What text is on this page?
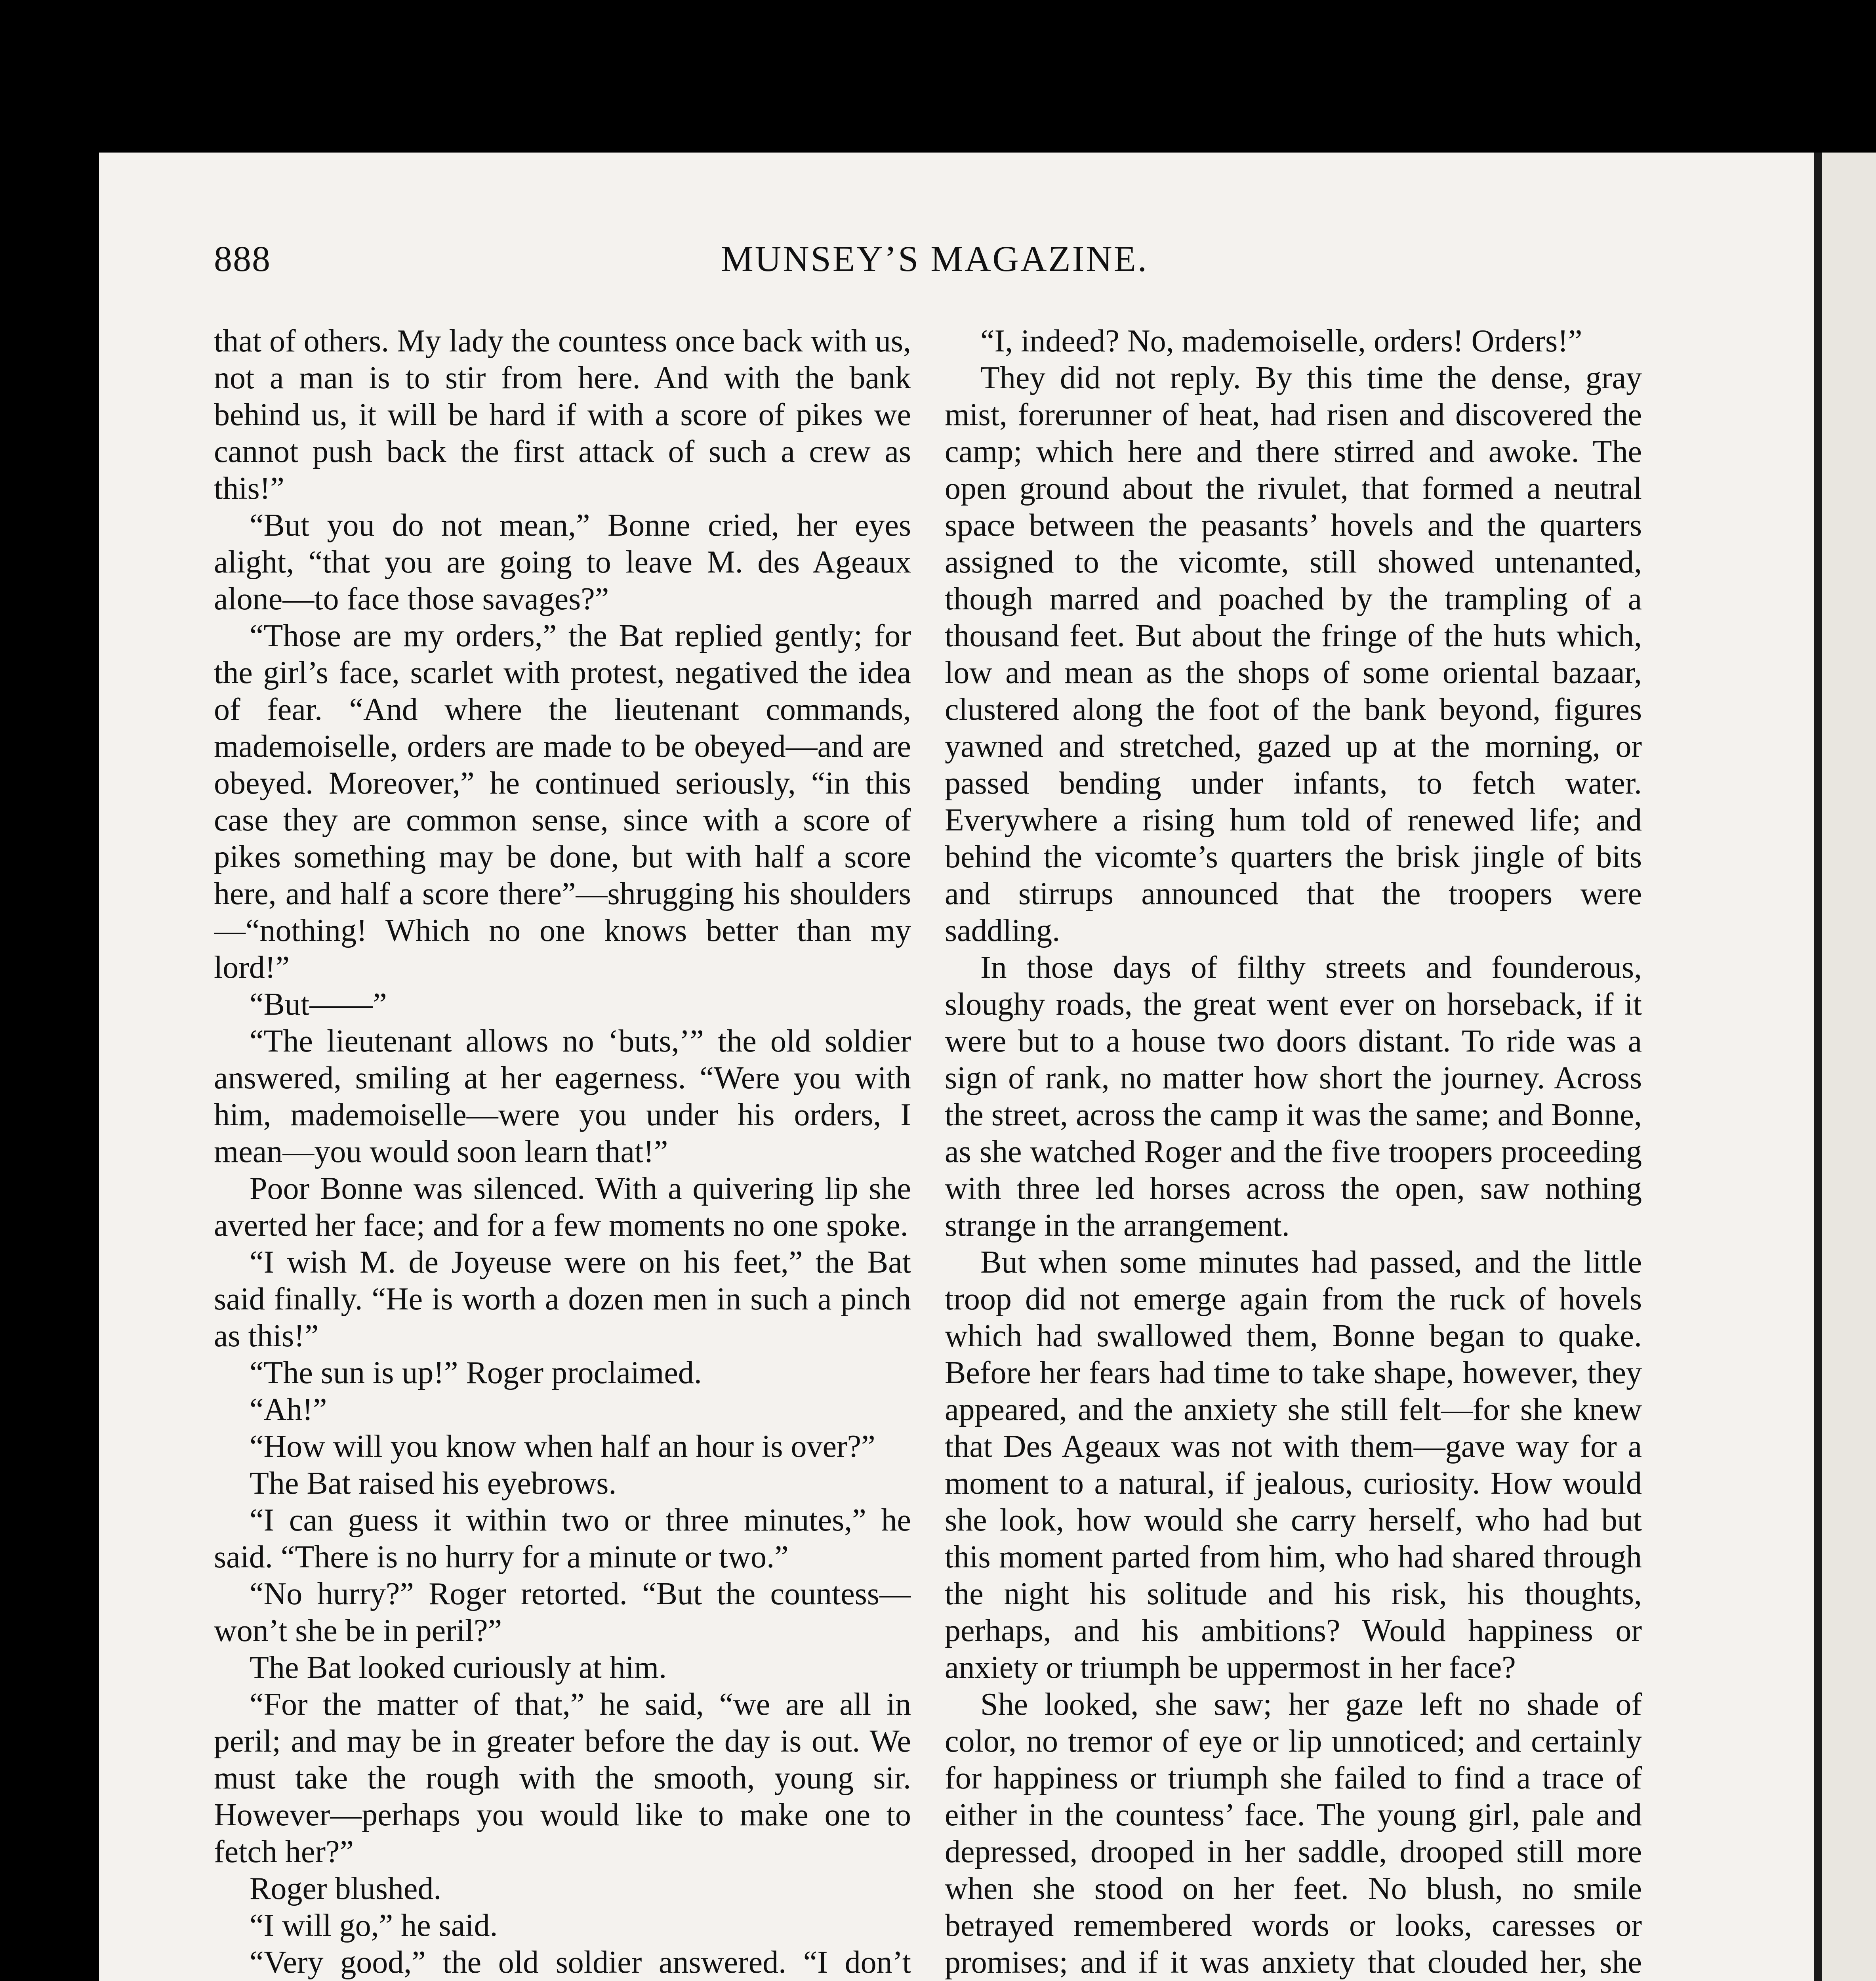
888	MUNSEY’S MAGAZINE.

that of others. My lady the countess once back with us, not a man is to stir from here. And with the bank behind us, it will be hard if with a score of pikes we cannot push back the first attack of such a crew as this!”

“But you do not mean,” Bonne cried, her eyes alight, “that you are going to leave M. des Ageaux alone—to face those savages?”

“Those are my orders,” the Bat replied gently; for the girl’s face, scarlet with protest, negatived the idea of fear. “And where the lieutenant commands, mademoiselle, orders are made to be obeyed—and are obeyed. Moreover,” he continued seriously, “in this case they are common sense, since with a score of pikes something may be done, but with half a score here, and half a score there”—shrugging his shoulders—“nothing! Which no one knows better than my lord!”

“But——”

“The lieutenant allows no ‘buts,’” the old soldier answered, smiling at her eagerness. “Were you with him, mademoiselle—were you under his orders, I mean—you would soon learn that!”

Poor Bonne was silenced. With a quivering lip she averted her face; and for a few moments no one spoke.

“I wish M. de Joyeuse were on his feet,” the Bat said finally. “He is worth a dozen men in such a pinch as this!”

“The sun is up!” Roger proclaimed.

“Ah!”

“How will you know when half an hour is over?”

The Bat raised his eyebrows.

“I can guess it within two or three minutes,” he said. “There is no hurry for a minute or two.”

“No hurry?” Roger retorted. “But the countess—won’t she be in peril?”

The Bat looked curiously at him.

“For the matter of that,” he said, “we are all in peril; and may be in greater before the day is out. We must take the rough with the smooth, young sir. However—perhaps you would like to make one to fetch her?”

Roger blushed.

“I will go,” he said.

“Very good,” the old soldier answered. “I don’t

“I, indeed? No, mademoiselle, orders! Orders!”

They did not reply. By this time the dense, gray mist, forerunner of heat, had risen and discovered the camp; which here and there stirred and awoke. The open ground about the rivulet, that formed a neutral space between the peasants’ hovels and the quarters assigned to the vicomte, still showed untenanted, though marred and poached by the trampling of a thousand feet. But about the fringe of the huts which, low and mean as the shops of some oriental bazaar, clustered along the foot of the bank beyond, figures yawned and stretched, gazed up at the morning, or passed bending under infants, to fetch water. Everywhere a rising hum told of renewed life; and behind the vicomte’s quarters the brisk jingle of bits and stirrups announced that the troopers were saddling.

In those days of filthy streets and founderous, sloughy roads, the great went ever on horseback, if it were but to a house two doors distant. To ride was a sign of rank, no matter how short the journey. Across the street, across the camp it was the same; and Bonne, as she watched Roger and the five troopers proceeding with three led horses across the open, saw nothing strange in the arrangement.

But when some minutes had passed, and the little troop did not emerge again from the ruck of hovels which had swallowed them, Bonne began to quake. Before her fears had time to take shape, however, they appeared, and the anxiety she still felt—for she knew that Des Ageaux was not with them—gave way for a moment to a natural, if jealous, curiosity. How would she look, how would she carry herself, who had but this moment parted from him, who had shared through the night his solitude and his risk, his thoughts, perhaps, and his ambitions? Would happiness or anxiety or triumph be uppermost in her face?

She looked, she saw; her gaze left no shade of color, no tremor of eye or lip unnoticed; and certainly for happiness or triumph she failed to find a trace of either in the countess’ face. The young girl, pale and depressed, drooped in her saddle, drooped still more when she stood on her feet. No blush, no smile betrayed remembered words or looks, caresses or promises; and if it was anxiety that clouded her, she
